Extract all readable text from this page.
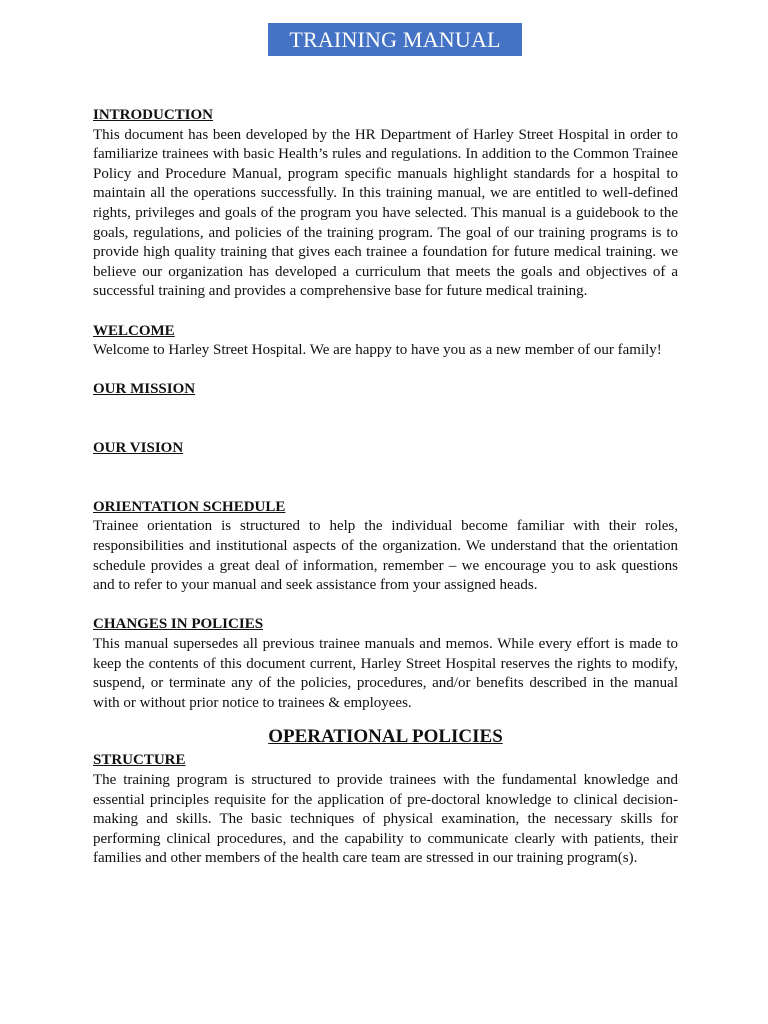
TRAINING MANUAL

INTRODUCTION

This document has been developed by the HR Department of Harley Street Hospital in order to familiarize trainees with basic Health’s rules and regulations. In addition to the Common Trainee Policy and Procedure Manual, program specific manuals highlight standards for a hospital to maintain all the operations successfully. In this training manual, we are entitled to well-defined rights, privileges and goals of the program you have selected. This manual is a guidebook to the goals, regulations, and policies of the training program. The goal of our training programs is to provide high quality training that gives each trainee a foundation for future medical training. we believe our organization has developed a curriculum that meets the goals and objectives of a successful training and provides a comprehensive base for future medical training.

WELCOME

Welcome to Harley Street Hospital. We are happy to have you as a new member of our family!

OUR MISSION

OUR VISION

ORIENTATION SCHEDULE

Trainee orientation is structured to help the individual become familiar with their roles, responsibilities and institutional aspects of the organization. We understand that the orientation schedule provides a great deal of information, remember – we encourage you to ask questions and to refer to your manual and seek assistance from your assigned heads.

CHANGES IN POLICIES

This manual supersedes all previous trainee manuals and memos. While every effort is made to keep the contents of this document current, Harley Street Hospital reserves the rights to modify, suspend, or terminate any of the policies, procedures, and/or benefits described in the manual with or without prior notice to trainees & employees.

OPERATIONAL POLICIES

STRUCTURE

The training program is structured to provide trainees with the fundamental knowledge and essential principles requisite for the application of pre-doctoral knowledge to clinical decision-making and skills. The basic techniques of physical examination, the necessary skills for performing clinical procedures, and the capability to communicate clearly with patients, their families and other members of the health care team are stressed in our training program(s).
